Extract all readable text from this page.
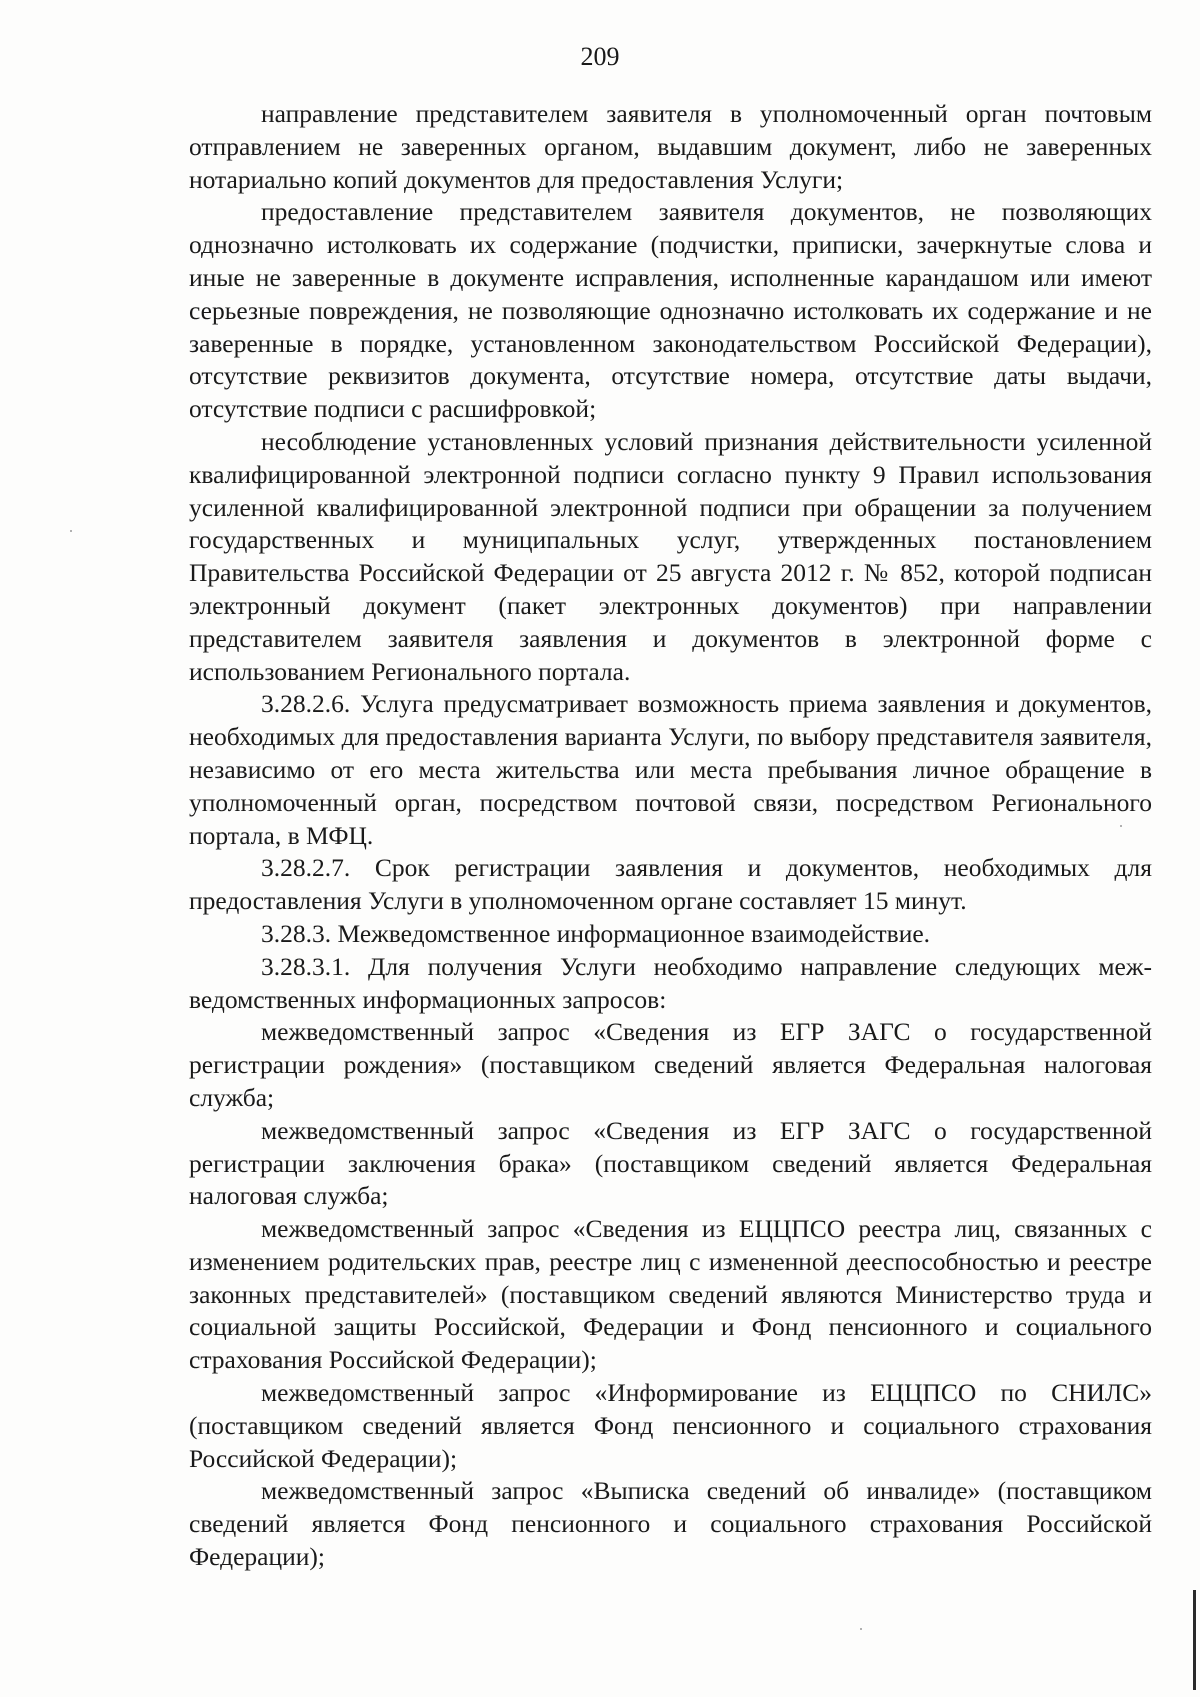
209

направление представителем заявителя в уполномоченный орган почтовым отправлением не заверенных органом, выдавшим документ, либо не заверенных нотариально копий документов для предоставления Услуги;

предоставление представителем заявителя документов, не позволяющих однозначно истолковать их содержание (подчистки, приписки, зачеркнутые слова и иные не заверенные в документе исправления, исполненные карандашом или имеют серьезные повреждения, не позволяющие однозначно истолковать их содержание и не заверенные в порядке, установленном законодательством Российской Федерации), отсутствие реквизитов документа, отсутствие номера, отсутствие даты выдачи, отсутствие подписи с расшифровкой;

несоблюдение установленных условий признания действительности усиленной квалифицированной электронной подписи согласно пункту 9 Правил использования усиленной квалифицированной электронной подписи при обращении за получением государственных и муниципальных услуг, утвержденных постановлением Правительства Российской Федерации от 25 августа 2012 г. № 852, которой подписан электронный документ (пакет электронных документов) при направлении представителем заявителя заявления и документов в электронной форме с использованием Регионального портала.

3.28.2.6. Услуга предусматривает возможность приема заявления и документов, необходимых для предоставления варианта Услуги, по выбору представителя заявителя, независимо от его места жительства или места пребывания личное обращение в уполномоченный орган, посредством почтовой связи, посредством Регионального портала, в МФЦ.

3.28.2.7. Срок регистрации заявления и документов, необходимых для предоставления Услуги в уполномоченном органе составляет 15 минут.

3.28.3. Межведомственное информационное взаимодействие.

3.28.3.1. Для получения Услуги необходимо направление следующих межведомственных информационных запросов:

межведомственный запрос «Сведения из ЕГР ЗАГС о государственной регистрации рождения» (поставщиком сведений является Федеральная налоговая служба;

межведомственный запрос «Сведения из ЕГР ЗАГС о государственной регистрации заключения брака» (поставщиком сведений является Федеральная налоговая служба;

межведомственный запрос «Сведения из ЕЦЦПСО реестра лиц, связанных с изменением родительских прав, реестре лиц с измененной дееспособностью и реестре законных представителей» (поставщиком сведений являются Министерство труда и социальной защиты Российской, Федерации и Фонд пенсионного и социального страхования Российской Федерации);

межведомственный запрос «Информирование из ЕЦЦПСО по СНИЛС» (поставщиком сведений является Фонд пенсионного и социального страхования Российской Федерации);

межведомственный запрос «Выписка сведений об инвалиде» (поставщиком сведений является Фонд пенсионного и социального страхования Российской Федерации);
